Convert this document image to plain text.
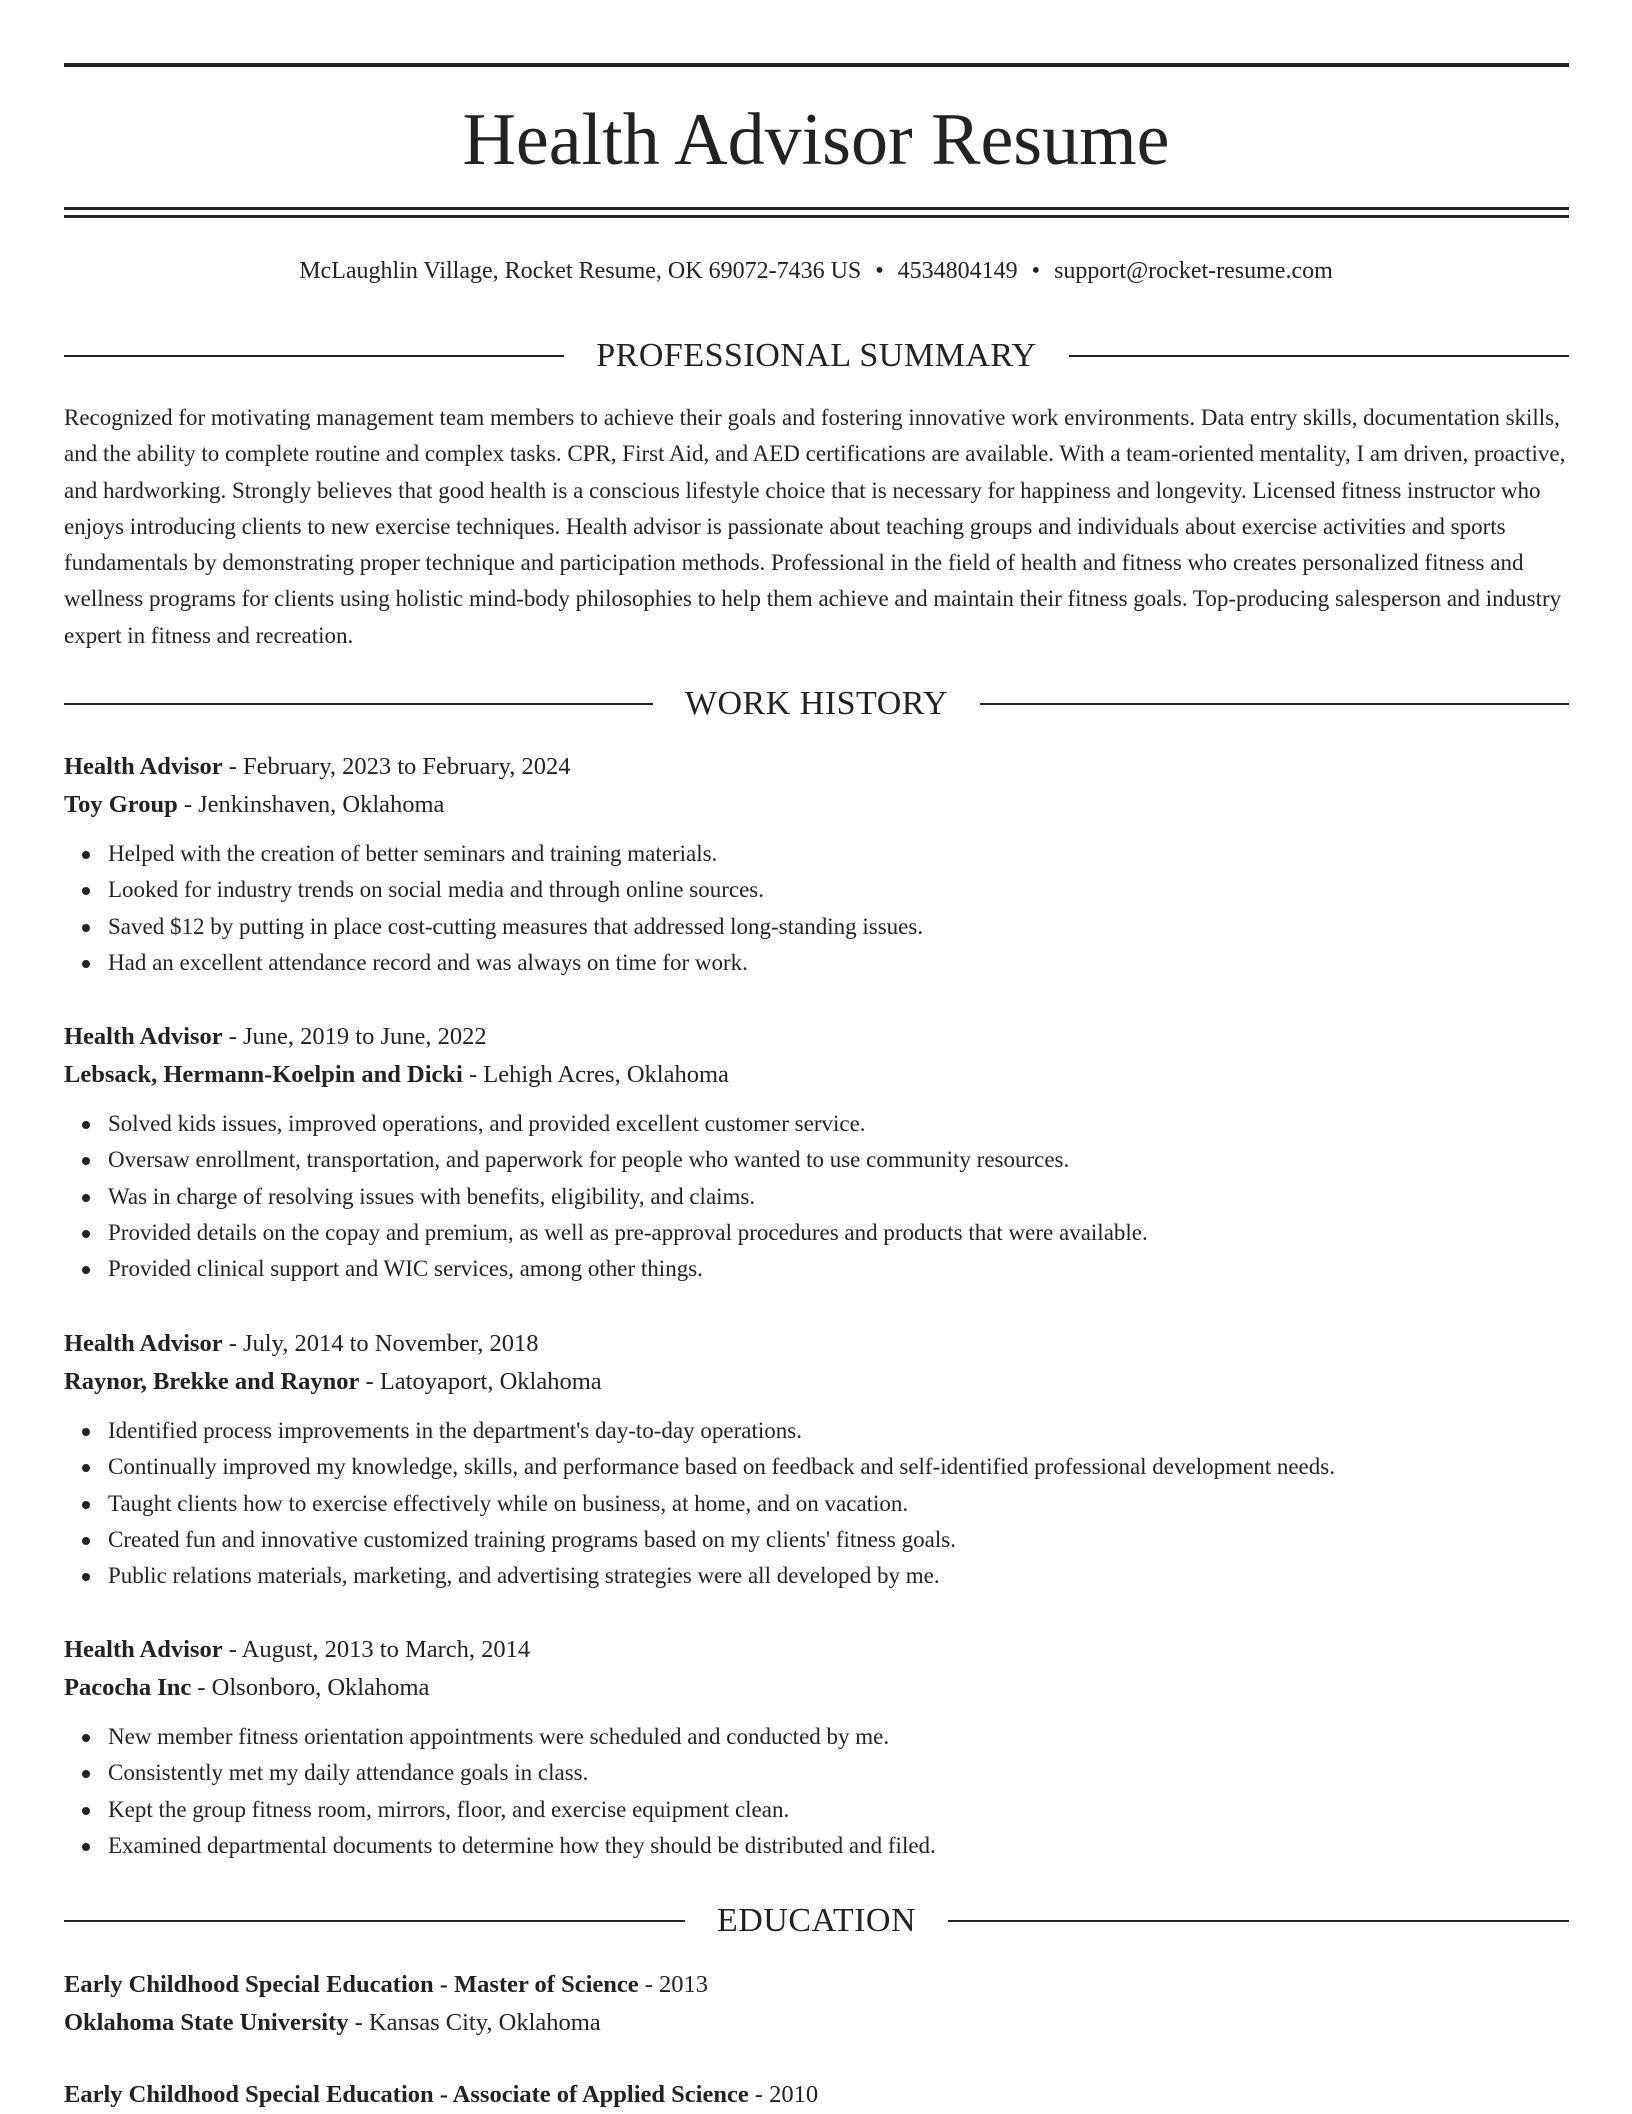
Health Advisor Resume
McLaughlin Village, Rocket Resume, OK 69072-7436 US • 4534804149 • support@rocket-resume.com
PROFESSIONAL SUMMARY

Recognized for motivating management team members to achieve their goals and fostering innovative work environments. Data entry skills, documentation skills, and the ability to complete routine and complex tasks. CPR, First Aid, and AED certifications are available. With a team-oriented mentality, I am driven, proactive, and hardworking. Strongly believes that good health is a conscious lifestyle choice that is necessary for happiness and longevity. Licensed fitness instructor who enjoys introducing clients to new exercise techniques. Health advisor is passionate about teaching groups and individuals about exercise activities and sports fundamentals by demonstrating proper technique and participation methods. Professional in the field of health and fitness who creates personalized fitness and wellness programs for clients using holistic mind-body philosophies to help them achieve and maintain their fitness goals. Top-producing salesperson and industry expert in fitness and recreation.

WORK HISTORY
Health Advisor - February, 2023 to February, 2024
Toy Group - Jenkinshaven, Oklahoma
Helped with the creation of better seminars and training materials.
Looked for industry trends on social media and through online sources.
Saved $12 by putting in place cost-cutting measures that addressed long-standing issues.
Had an excellent attendance record and was always on time for work.
Health Advisor - June, 2019 to June, 2022
Lebsack, Hermann-Koelpin and Dicki - Lehigh Acres, Oklahoma
Solved kids issues, improved operations, and provided excellent customer service.
Oversaw enrollment, transportation, and paperwork for people who wanted to use community resources.
Was in charge of resolving issues with benefits, eligibility, and claims.
Provided details on the copay and premium, as well as pre-approval procedures and products that were available.
Provided clinical support and WIC services, among other things.
Health Advisor - July, 2014 to November, 2018
Raynor, Brekke and Raynor - Latoyaport, Oklahoma
Identified process improvements in the department's day-to-day operations.
Continually improved my knowledge, skills, and performance based on feedback and self-identified professional development needs.
Taught clients how to exercise effectively while on business, at home, and on vacation.
Created fun and innovative customized training programs based on my clients' fitness goals.
Public relations materials, marketing, and advertising strategies were all developed by me.
Health Advisor - August, 2013 to March, 2014
Pacocha Inc - Olsonboro, Oklahoma
New member fitness orientation appointments were scheduled and conducted by me.
Consistently met my daily attendance goals in class.
Kept the group fitness room, mirrors, floor, and exercise equipment clean.
Examined departmental documents to determine how they should be distributed and filed.
EDUCATION
Early Childhood Special Education - Master of Science - 2013
Oklahoma State University - Kansas City, Oklahoma
Early Childhood Special Education - Associate of Applied Science - 2010
